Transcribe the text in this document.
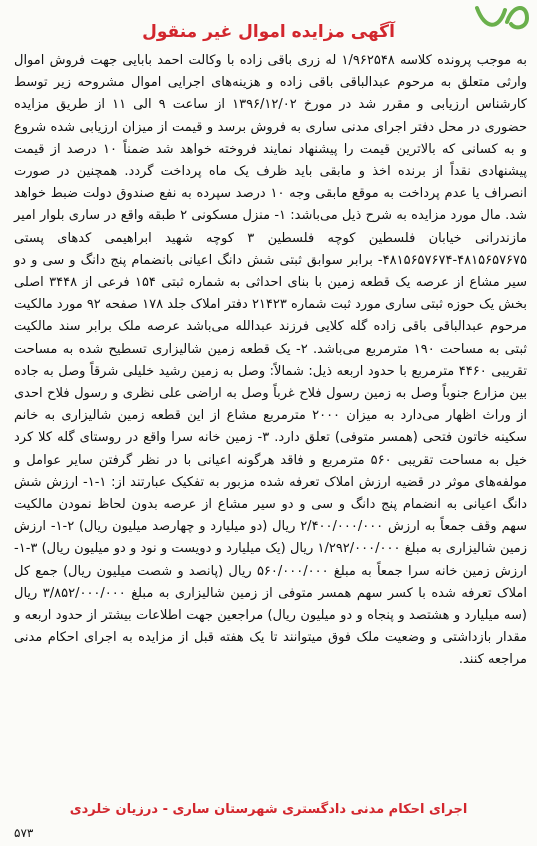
آگهی مزایده اموال غیر منقول
به موجب پرونده کلاسه ۱/۹۶۲۵۴۸ له زری باقی زاده با وکالت احمد بابایی جهت فروش اموال وارثی متعلق به مرحوم عبدالباقی باقی زاده و هزینه‌های اجرایی اموال مشروحه زیر توسط کارشناس ارزیابی و مقرر شد در مورخ ۱۳۹۶/۱۲/۰۲ از ساعت ۹ الی ۱۱ از طریق مزایده حضوری در محل دفتر اجرای مدنی ساری به فروش برسد و قیمت از میزان ارزیابی شده شروع و به کسانی که بالاترین قیمت را پیشنهاد نمایند فروخته خواهد شد ضمناً ۱۰ درصد از قیمت پیشنهادی نقداً از برنده اخذ و مابقی باید ظرف یک ماه پرداخت گردد. همچنین در صورت انصراف یا عدم پرداخت به موقع مابقی وجه ۱۰ درصد سپرده به نفع صندوق دولت ضبط خواهد شد. مال مورد مزایده به شرح ذیل می‌باشد: ۱- منزل مسکونی ۲ طبقه واقع در ساری بلوار امیر مازندرانی خیابان فلسطین کوچه فلسطین ۳ کوچه شهید ابراهیمی کدهای پستی ۴۸۱۵۶۵۷۶۷۵-۴۸۱۵۶۵۷۶۷۴- برابر سوابق ثبتی شش دانگ اعیانی بانضمام پنج دانگ و سی و دو سیر مشاع از عرصه یک قطعه زمین با بنای احداثی به شماره ثبتی ۱۵۴ فرعی از ۳۴۴۸ اصلی بخش یک حوزه ثبتی ساری مورد ثبت شماره ۲۱۴۲۳ دفتر املاک جلد ۱۷۸ صفحه ۹۲ مورد مالکیت مرحوم عبدالباقی باقی زاده گله کلایی فرزند عبدالله می‌باشد عرصه ملک برابر سند مالکیت ثبتی به مساحت ۱۹۰ مترمربع می‌باشد. ۲- یک قطعه زمین شالیزاری تسطیح شده به مساحت تقریبی ۴۴۶۰ مترمربع با حدود اربعه ذیل: شمالاً: وصل به زمین رشید خلیلی شرقاً وصل به جاده بین مزارع جنوباً وصل به زمین رسول فلاح غرباً وصل به اراضی علی نظری و رسول فلاح احدی از وراث اظهار می‌دارد به میزان ۲۰۰۰ مترمربع مشاع از این قطعه زمین شالیزاری به خانم سکینه خاتون فتحی (همسر متوفی) تعلق دارد. ۳- زمین خانه سرا واقع در روستای گله کلا کرد خیل به مساحت تقریبی ۵۶۰ مترمربع و فاقد هرگونه اعیانی با در نظر گرفتن سایر عوامل و مولفه‌های موثر در قضیه ارزش املاک تعرفه شده مزبور به تفکیک عبارتند از: ۱-۱- ارزش شش دانگ اعیانی به انضمام پنج دانگ و سی و دو سیر مشاع از عرصه بدون لحاظ نمودن مالکیت سهم وقف جمعاً به ارزش ۲/۴۰۰/۰۰۰/۰۰۰ ریال (دو میلیارد و چهارصد میلیون ریال) ۲-۱- ارزش زمین شالیزاری به مبلغ ۱/۲۹۲/۰۰۰/۰۰۰ ریال (یک میلیارد و دویست و نود و دو میلیون ریال) ۳-۱- ارزش زمین خانه سرا جمعاً به مبلغ ۵۶۰/۰۰۰/۰۰۰ ریال (پانصد و شصت میلیون ریال) جمع کل املاک تعرفه شده با کسر سهم همسر متوفی از زمین شالیزاری به مبلغ ۳/۸۵۲/۰۰۰/۰۰۰ ریال (سه میلیارد و هشتصد و پنجاه و دو میلیون ریال) مراجعین جهت اطلاعات بیشتر از حدود اربعه و مقدار بازداشتی و وضعیت ملک فوق میتوانند تا یک هفته قبل از مزایده به اجرای احکام مدنی مراجعه کنند.
اجرای احکام مدنی دادگستری شهرستان ساری - درزیان خلردی
۵۷۳
